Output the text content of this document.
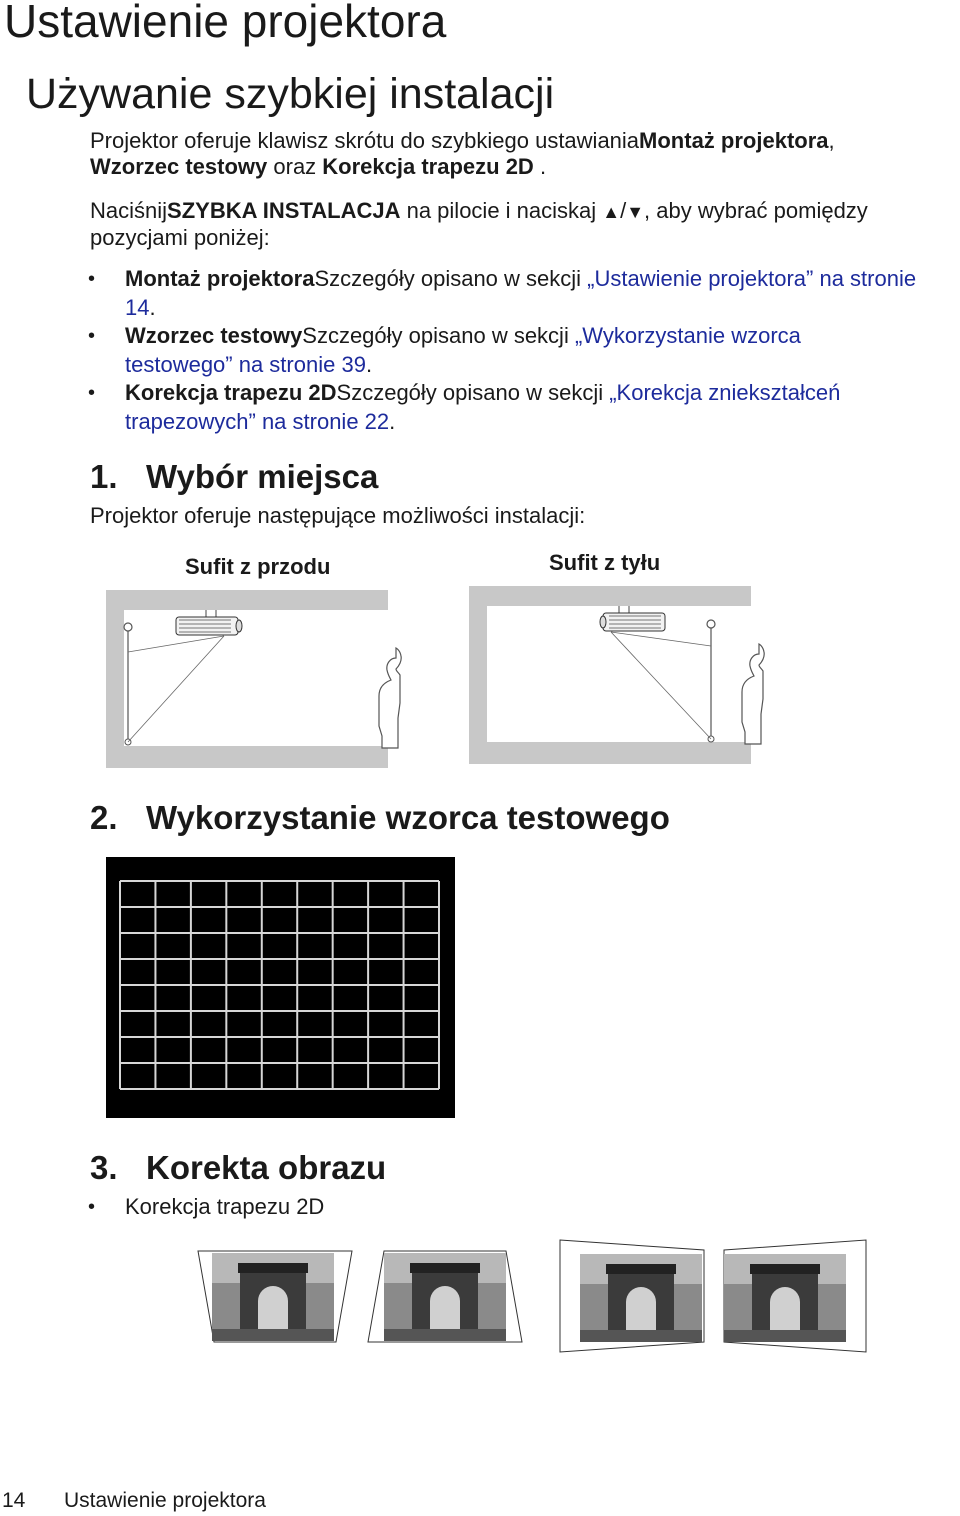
Ustawienie projektora
Używanie szybkiej instalacji
Projektor oferuje klawisz skrótu do szybkiego ustawianiaMontaż projektora,
Wzorzec testowy oraz Korekcja trapezu 2D .
NaciśnijSZYBKA INSTALACJA na pilocie i naciskaj ▲/▼, aby wybrać pomiędzy
pozycjami poniżej:
• Montaż projektoraSzczegóły opisano w sekcji „Ustawienie projektora” na stronie 14.
• Wzorzec testowySzczegóły opisano w sekcji „Wykorzystanie wzorca testowego” na stronie 39.
• Korekcja trapezu 2DSzczegóły opisano w sekcji „Korekcja zniekształceń trapezowych” na stronie 22.
1. Wybór miejsca
Projektor oferuje następujące możliwości instalacji:
Sufit z przodu	Sufit z tyłu
2. Wykorzystanie wzorca testowego
3. Korekta obrazu
• Korekcja trapezu 2D
14 Ustawienie projektora
